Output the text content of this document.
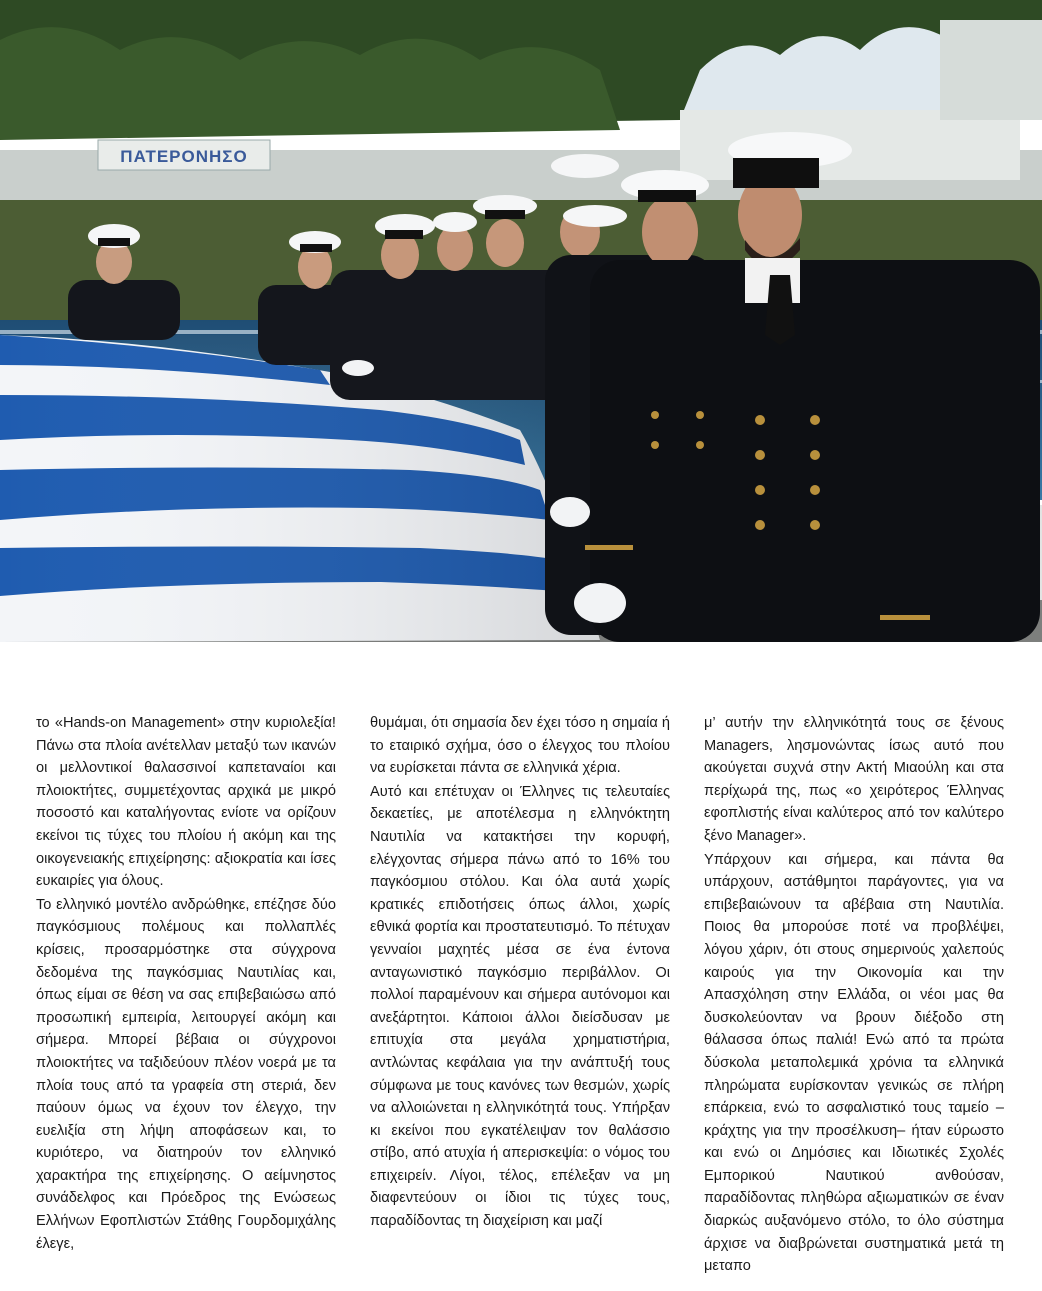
ΠΑΤΕΡΟΝΗΣΟ

το «Hands-on Management» στην κυριολεξία! Πάνω στα πλοία ανέτελλαν μεταξύ των ικανών οι μελλοντικοί θαλασσινοί καπεταναίοι και πλοιοκτήτες, συμμετέχοντας αρχικά με μικρό ποσοστό και καταλήγοντας ενίοτε να ορίζουν εκείνοι τις τύχες του πλοίου ή ακόμη και της οικογενειακής επιχείρησης: αξιοκρατία και ίσες ευκαιρίες για όλους.

Το ελληνικό μοντέλο ανδρώθηκε, επέζησε δύο παγκόσμιους πολέμους και πολλαπλές κρίσεις, προσαρμόστηκε στα σύγχρονα δεδομένα της παγκόσμιας Ναυτιλίας και, όπως είμαι σε θέση να σας επιβεβαιώσω από προσωπική εμπειρία, λειτουργεί ακόμη και σήμερα. Μπορεί βέβαια οι σύγχρονοι πλοιοκτήτες να ταξιδεύουν πλέον νοερά με τα πλοία τους από τα γραφεία στη στεριά, δεν παύουν όμως να έχουν τον έλεγχο, την ευελιξία στη λήψη αποφάσεων και, το κυριότερο, να διατηρούν τον ελληνικό χαρακτήρα της επιχείρησης. Ο αείμνηστος συνάδελφος και Πρόεδρος της Ενώσεως Ελλήνων Εφοπλιστών Στάθης Γουρδομιχάλης έλεγε,

θυμάμαι, ότι σημασία δεν έχει τόσο η σημαία ή το εταιρικό σχήμα, όσο ο έλεγχος του πλοίου να ευρίσκεται πάντα σε ελληνικά χέρια.

Αυτό και επέτυχαν οι Έλληνες τις τελευταίες δεκαετίες, με αποτέλεσμα η ελληνόκτητη Ναυτιλία να κατακτήσει την κορυφή, ελέγχοντας σήμερα πάνω από το 16% του παγκόσμιου στόλου. Και όλα αυτά χωρίς κρατικές επιδοτήσεις όπως άλλοι, χωρίς εθνικά φορτία και προστατευτισμό. Το πέτυχαν γενναίοι μαχητές μέσα σε ένα έντονα ανταγωνιστικό παγκόσμιο περιβάλλον. Οι πολλοί παραμένουν και σήμερα αυτόνομοι και ανεξάρτητοι. Κάποιοι άλλοι διείσδυσαν με επιτυχία στα μεγάλα χρηματιστήρια, αντλώντας κεφάλαια για την ανάπτυξή τους σύμφωνα με τους κανόνες των θεσμών, χωρίς να αλλοιώνεται η ελληνικότητά τους. Υπήρξαν κι εκείνοι που εγκατέλειψαν τον θαλάσσιο στίβο, από ατυχία ή απερισκεψία: ο νόμος του επιχειρείν. Λίγοι, τέλος, επέλεξαν να μη διαφεντεύουν οι ίδιοι τις τύχες τους, παραδίδοντας τη διαχείριση και μαζί

μ’ αυτήν την ελληνικότητά τους σε ξένους Managers, λησμονώντας ίσως αυτό που ακούγεται συχνά στην Ακτή Μιαούλη και στα περίχωρά της, πως «ο χειρότερος Έλληνας εφοπλιστής είναι καλύτερος από τον καλύτερο ξένο Manager».

Υπάρχουν και σήμερα, και πάντα θα υπάρχουν, αστάθμητοι παράγοντες, για να επιβεβαιώνουν τα αβέβαια στη Ναυτιλία. Ποιος θα μπορούσε ποτέ να προβλέψει, λόγου χάριν, ότι στους σημερινούς χαλεπούς καιρούς για την Οικονομία και την Απασχόληση στην Ελλάδα, οι νέοι μας θα δυσκολεύονταν να βρουν διέξοδο στη θάλασσα όπως παλιά! Ενώ από τα πρώτα δύσκολα μεταπολεμικά χρόνια τα ελληνικά πληρώματα ευρίσκονταν γενικώς σε πλήρη επάρκεια, ενώ το ασφαλιστικό τους ταμείο –κράχτης για την προσέλκυση– ήταν εύρωστο και ενώ οι Δημόσιες και Ιδιωτικές Σχολές Εμπορικού Ναυτικού ανθούσαν, παραδίδοντας πληθώρα αξιωματικών σε έναν διαρκώς αυξανόμενο στόλο, το όλο σύστημα άρχισε να διαβρώνεται συστηματικά μετά τη μεταπο
